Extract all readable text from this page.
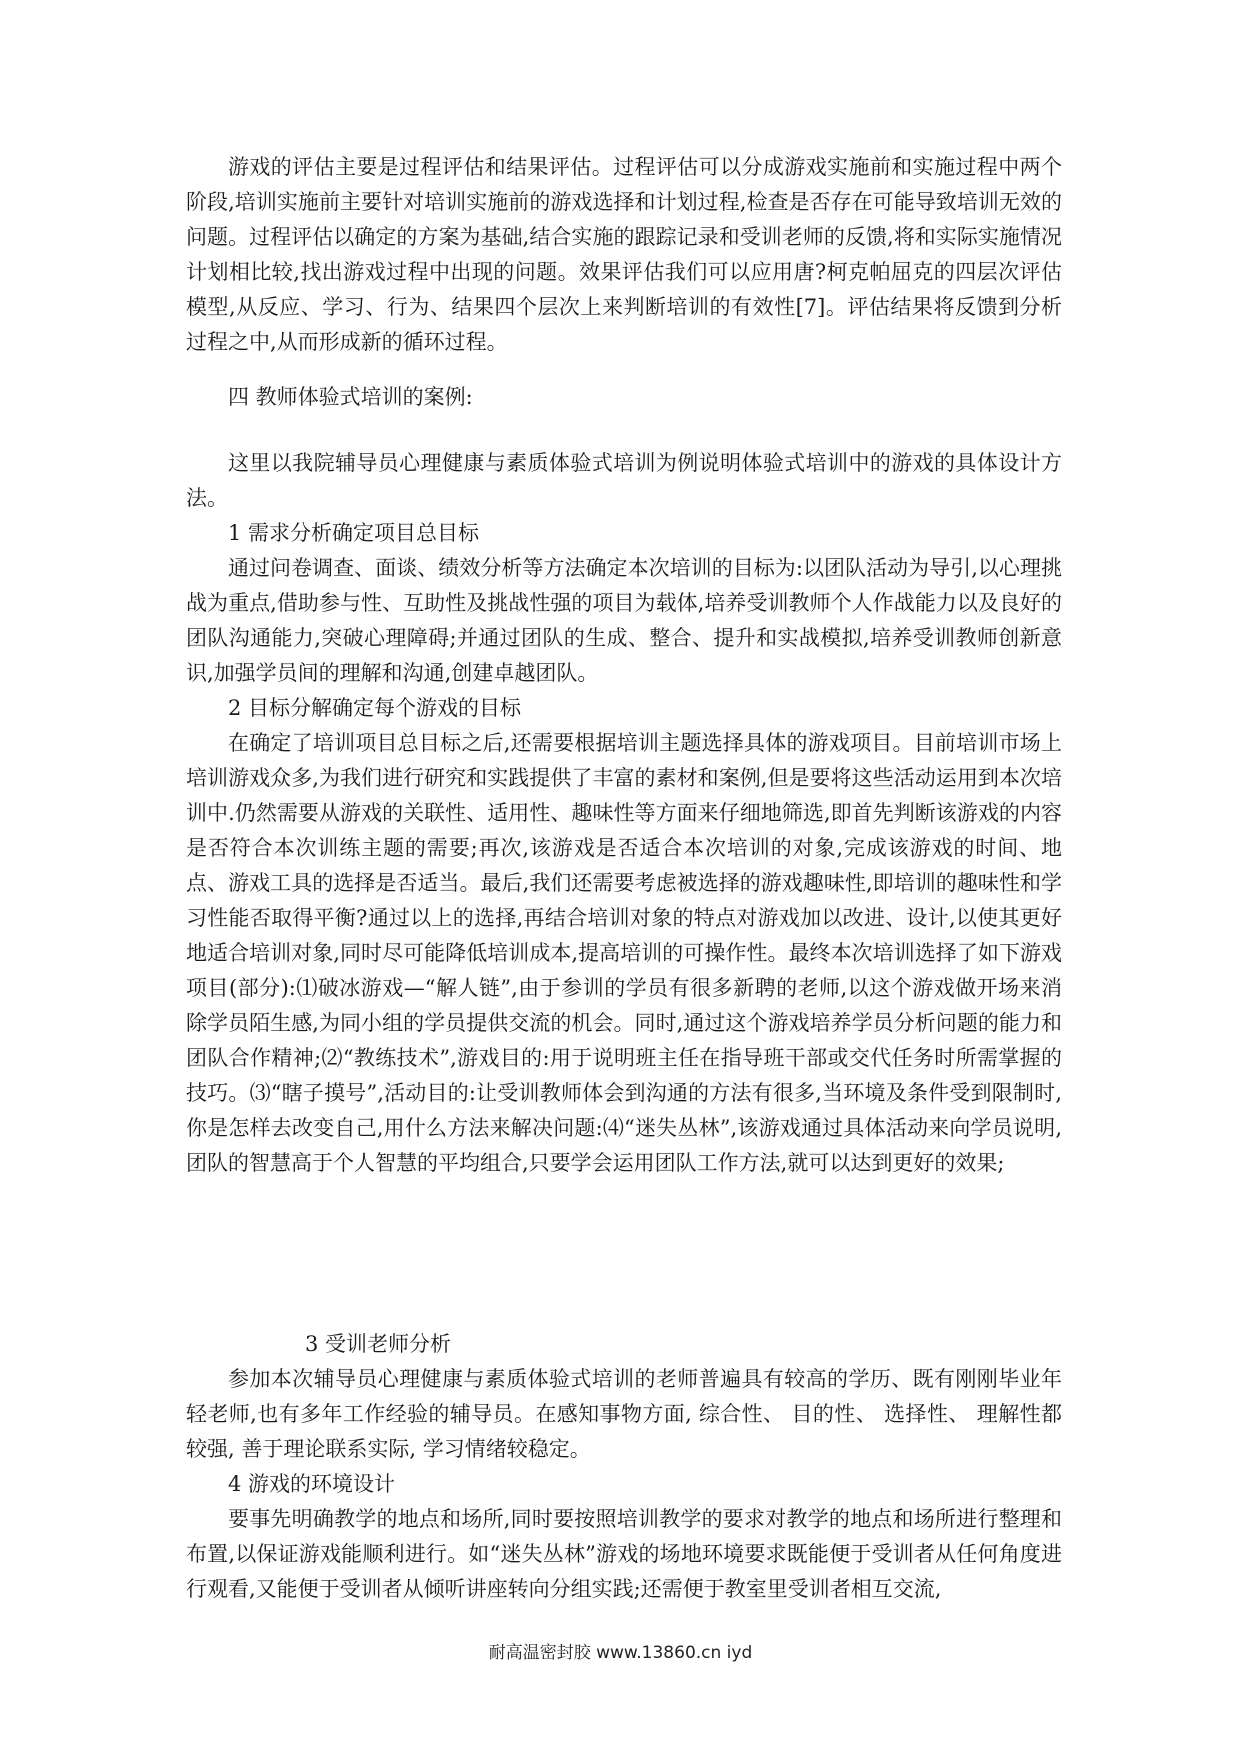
游戏的评估主要是过程评估和结果评估。过程评估可以分成游戏实施前和实施过程中两个阶段,培训实施前主要针对培训实施前的游戏选择和计划过程,检查是否存在可能导致培训无效的问题。过程评估以确定的方案为基础,结合实施的跟踪记录和受训老师的反馈,将和实际实施情况计划相比较,找出游戏过程中出现的问题。效果评估我们可以应用唐?柯克帕屈克的四层次评估模型,从反应、学习、行为、结果四个层次上来判断培训的有效性[7]。评估结果将反馈到分析过程之中,从而形成新的循环过程。

四 教师体验式培训的案例:

这里以我院辅导员心理健康与素质体验式培训为例说明体验式培训中的游戏的具体设计方法。

1 需求分析确定项目总目标

通过问卷调查、面谈、绩效分析等方法确定本次培训的目标为:以团队活动为导引,以心理挑战为重点,借助参与性、互助性及挑战性强的项目为载体,培养受训教师个人作战能力以及良好的团队沟通能力,突破心理障碍;并通过团队的生成、整合、提升和实战模拟,培养受训教师创新意识,加强学员间的理解和沟通,创建卓越团队。

2 目标分解确定每个游戏的目标

在确定了培训项目总目标之后,还需要根据培训主题选择具体的游戏项目。目前培训市场上培训游戏众多,为我们进行研究和实践提供了丰富的素材和案例,但是要将这些活动运用到本次培训中.仍然需要从游戏的关联性、适用性、趣味性等方面来仔细地筛选,即首先判断该游戏的内容是否符合本次训练主题的需要;再次,该游戏是否适合本次培训的对象,完成该游戏的时间、地点、游戏工具的选择是否适当。最后,我们还需要考虑被选择的游戏趣味性,即培训的趣味性和学习性能否取得平衡?通过以上的选择,再结合培训对象的特点对游戏加以改进、设计,以使其更好地适合培训对象,同时尽可能降低培训成本,提高培训的可操作性。最终本次培训选择了如下游戏项目(部分):⑴破冰游戏—“解人链”,由于参训的学员有很多新聘的老师,以这个游戏做开场来消除学员陌生感,为同小组的学员提供交流的机会。同时,通过这个游戏培养学员分析问题的能力和团队合作精神;⑵“教练技术”,游戏目的:用于说明班主任在指导班干部或交代任务时所需掌握的技巧。⑶“瞎子摸号”,活动目的:让受训教师体会到沟通的方法有很多,当环境及条件受到限制时,你是怎样去改变自己,用什么方法来解决问题:⑷“迷失丛林”,该游戏通过具体活动来向学员说明,团队的智慧高于个人智慧的平均组合,只要学会运用团队工作方法,就可以达到更好的效果;

3 受训老师分析

参加本次辅导员心理健康与素质体验式培训的老师普遍具有较高的学历、既有刚刚毕业年轻老师,也有多年工作经验的辅导员。在感知事物方面, 综合性、 目的性、 选择性、 理解性都较强, 善于理论联系实际, 学习情绪较稳定。

4 游戏的环境设计

要事先明确教学的地点和场所,同时要按照培训教学的要求对教学的地点和场所进行整理和布置,以保证游戏能顺利进行。如“迷失丛林”游戏的场地环境要求既能便于受训者从任何角度进行观看,又能便于受训者从倾听讲座转向分组实践;还需便于教室里受训者相互交流,

耐高温密封胶 www.13860.cn iyd
